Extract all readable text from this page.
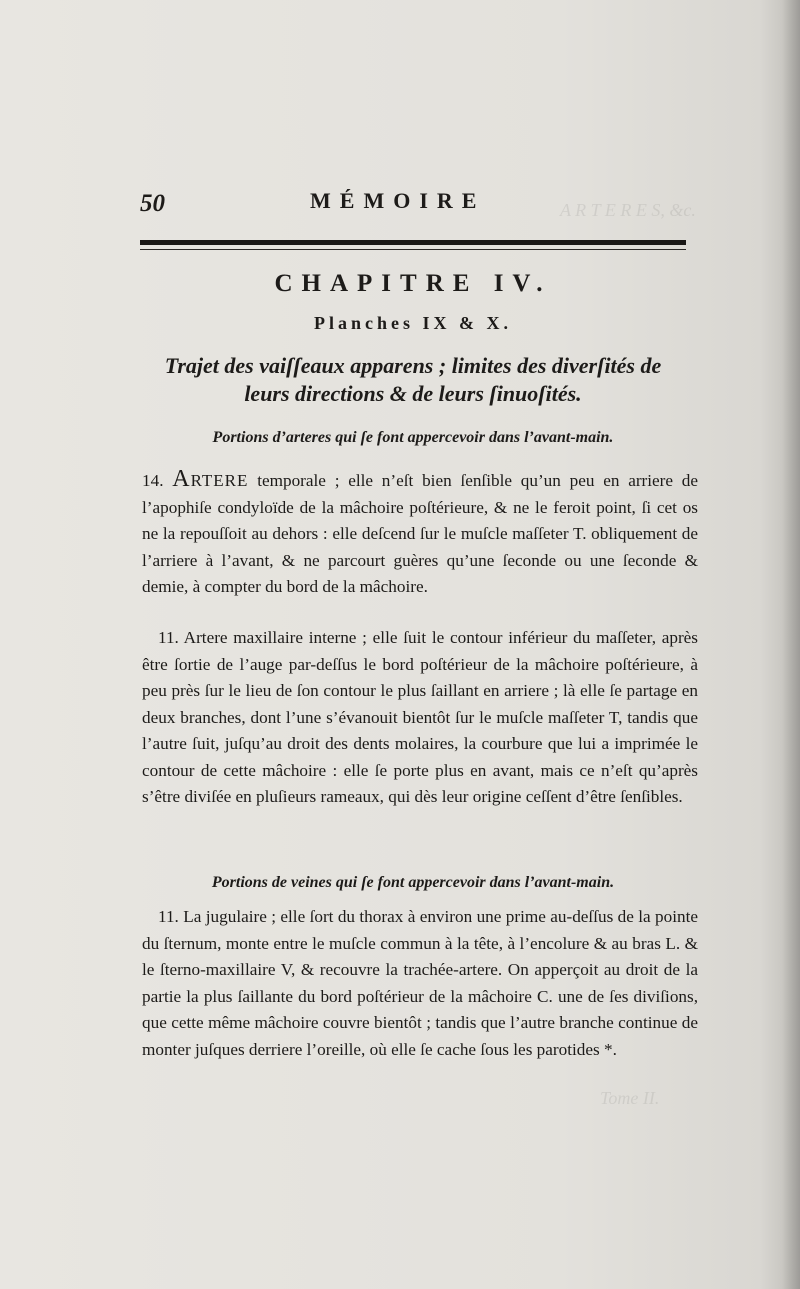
A R T E R E S, &c.
Tome II.
50	MÉMOIRE
CHAPITRE IV.
Planches IX & X.
Trajet des vaiſſeaux apparens ; limites des diverſités de leurs directions & de leurs ſinuoſités.
Portions d’arteres qui ſe font appercevoir dans l’avant-main.

14. Artere temporale ; elle n’eſt bien ſenſible qu’un peu en arriere de l’apophiſe condyloïde de la mâchoire poſtérieure, & ne le feroit point, ſi cet os ne la repouſſoit au dehors : elle deſcend ſur le muſcle maſſeter T. obliquement de l’arriere à l’avant, & ne parcourt guères qu’une ſeconde ou une ſeconde & demie, à compter du bord de la mâchoire.

11. Artere maxillaire interne ; elle ſuit le contour inférieur du maſſeter, après être ſortie de l’auge par-deſſus le bord poſtérieur de la mâchoire poſtérieure, à peu près ſur le lieu de ſon contour le plus ſaillant en arriere ; là elle ſe partage en deux branches, dont l’une s’évanouit bientôt ſur le muſcle maſſeter T, tandis que l’autre ſuit, juſqu’au droit des dents molaires, la courbure que lui a imprimée le contour de cette mâchoire : elle ſe porte plus en avant, mais ce n’eſt qu’après s’être diviſée en pluſieurs rameaux, qui dès leur origine ceſſent d’être ſenſibles.

Portions de veines qui ſe font appercevoir dans l’avant-main.

11. La jugulaire ; elle ſort du thorax à environ une prime au-deſſus de la pointe du ſternum, monte entre le muſcle commun à la tête, à l’encolure & au bras L. & le ſterno-maxillaire V, & recouvre la trachée-artere. On apperçoit au droit de la partie la plus ſaillante du bord poſtérieur de la mâchoire C. une de ſes diviſions, que cette même mâchoire couvre bientôt ; tandis que l’autre branche continue de monter juſques derriere l’oreille, où elle ſe cache ſous les parotides *.
